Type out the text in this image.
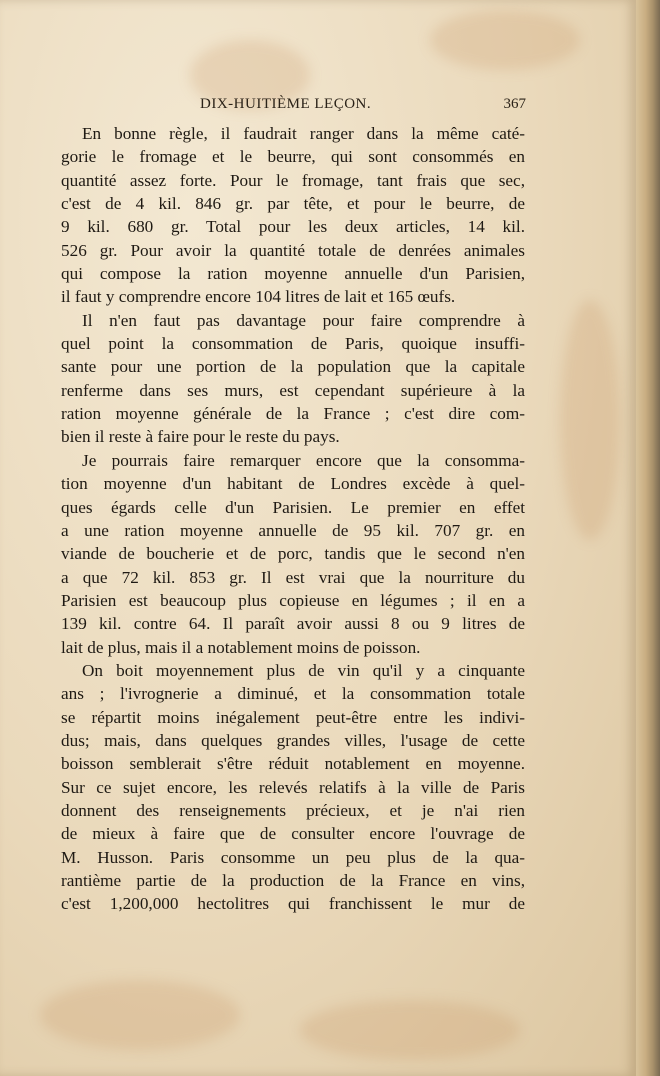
DIX-HUITIÈME LEÇON.	367
En bonne règle, il faudrait ranger dans la même caté-
gorie le fromage et le beurre, qui sont consommés en
quantité assez forte. Pour le fromage, tant frais que sec,
c'est de 4 kil. 846 gr. par tête, et pour le beurre, de
9 kil. 680 gr. Total pour les deux articles, 14 kil.
526 gr. Pour avoir la quantité totale de denrées animales
qui compose la ration moyenne annuelle d'un Parisien,
il faut y comprendre encore 104 litres de lait et 165 œufs.
Il n'en faut pas davantage pour faire comprendre à
quel point la consommation de Paris, quoique insuffi-
sante pour une portion de la population que la capitale
renferme dans ses murs, est cependant supérieure à la
ration moyenne générale de la France ; c'est dire com-
bien il reste à faire pour le reste du pays.
Je pourrais faire remarquer encore que la consomma-
tion moyenne d'un habitant de Londres excède à quel-
ques égards celle d'un Parisien. Le premier en effet
a une ration moyenne annuelle de 95 kil. 707 gr. en
viande de boucherie et de porc, tandis que le second n'en
a que 72 kil. 853 gr. Il est vrai que la nourriture du
Parisien est beaucoup plus copieuse en légumes ; il en a
139 kil. contre 64. Il paraît avoir aussi 8 ou 9 litres de
lait de plus, mais il a notablement moins de poisson.
On boit moyennement plus de vin qu'il y a cinquante
ans ; l'ivrognerie a diminué, et la consommation totale
se répartit moins inégalement peut-être entre les indivi-
dus; mais, dans quelques grandes villes, l'usage de cette
boisson semblerait s'être réduit notablement en moyenne.
Sur ce sujet encore, les relevés relatifs à la ville de Paris
donnent des renseignements précieux, et je n'ai rien
de mieux à faire que de consulter encore l'ouvrage de
M. Husson. Paris consomme un peu plus de la qua-
rantième partie de la production de la France en vins,
c'est 1,200,000 hectolitres qui franchissent le mur de
